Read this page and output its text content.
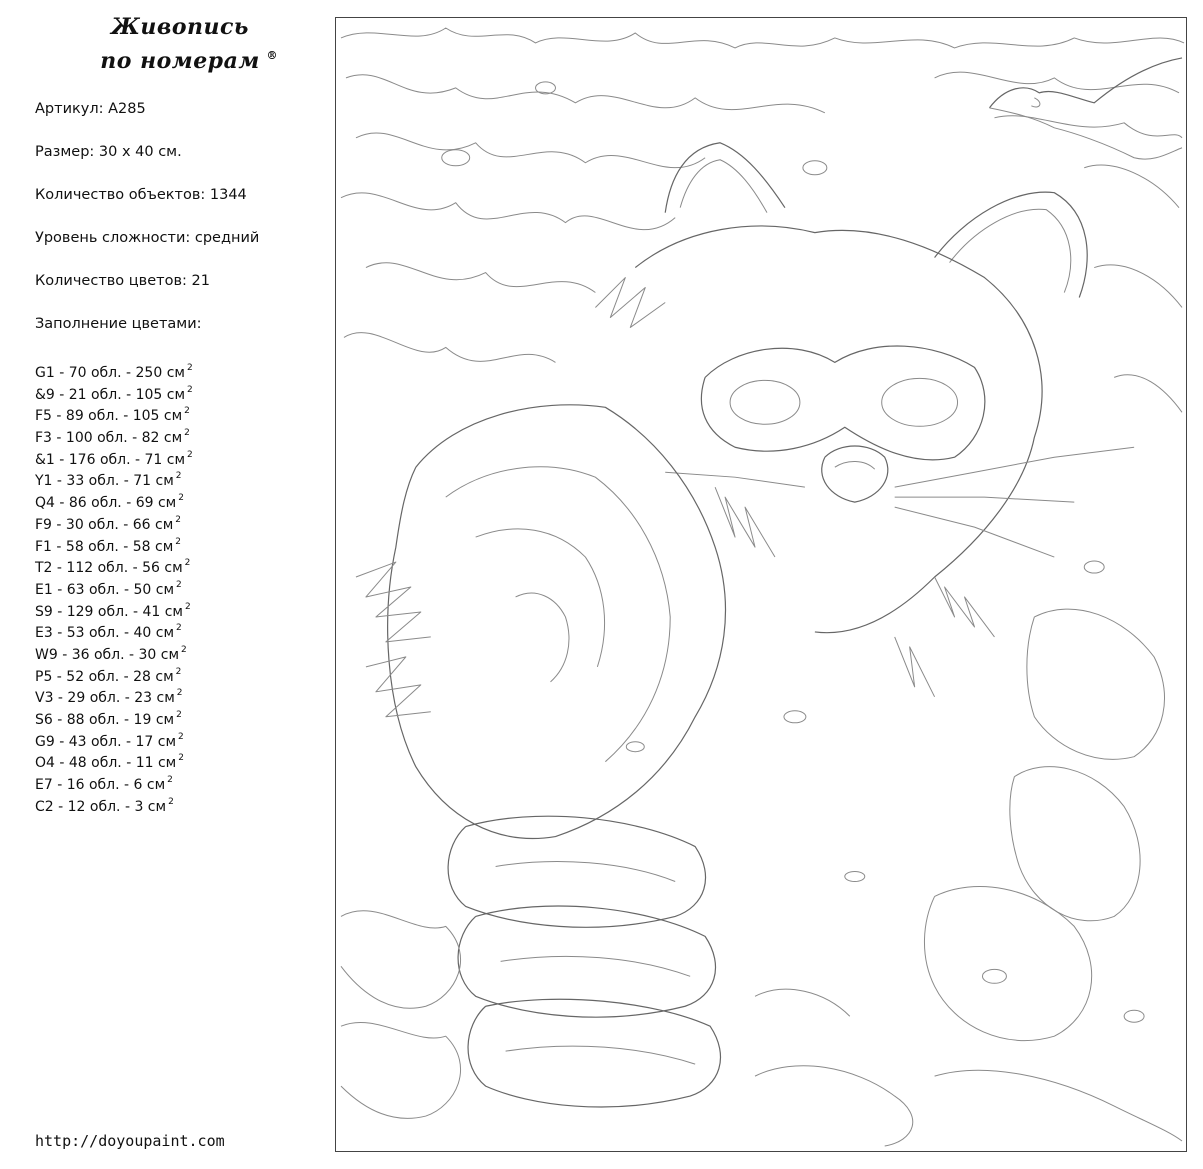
Живопись
по номерам ®
Артикул: A285
Размер: 30 x 40 см.
Количество объектов: 1344
Уровень сложности: средний
Количество цветов: 21
Заполнение цветами:
G1 - 70 обл. - 250 см $^2$
&9 - 21 обл. - 105 см $^2$
F5 - 89 обл. - 105 см $^2$
F3 - 100 обл. - 82 см $^2$
&1 - 176 обл. - 71 см $^2$
Y1 - 33 обл. - 71 см $^2$
Q4 - 86 обл. - 69 см $^2$
F9 - 30 обл. - 66 см $^2$
F1 - 58 обл. - 58 см $^2$
T2 - 112 обл. - 56 см $^2$
E1 - 63 обл. - 50 см $^2$
S9 - 129 обл. - 41 см $^2$
E3 - 53 обл. - 40 см $^2$
W9 - 36 обл. - 30 см $^2$
P5 - 52 обл. - 28 см $^2$
V3 - 29 обл. - 23 см $^2$
S6 - 88 обл. - 19 см $^2$
G9 - 43 обл. - 17 см $^2$
O4 - 48 обл. - 11 см $^2$
E7 - 16 обл. - 6 см $^2$
C2 - 12 обл. - 3 см $^2$
http://doyoupaint.com
